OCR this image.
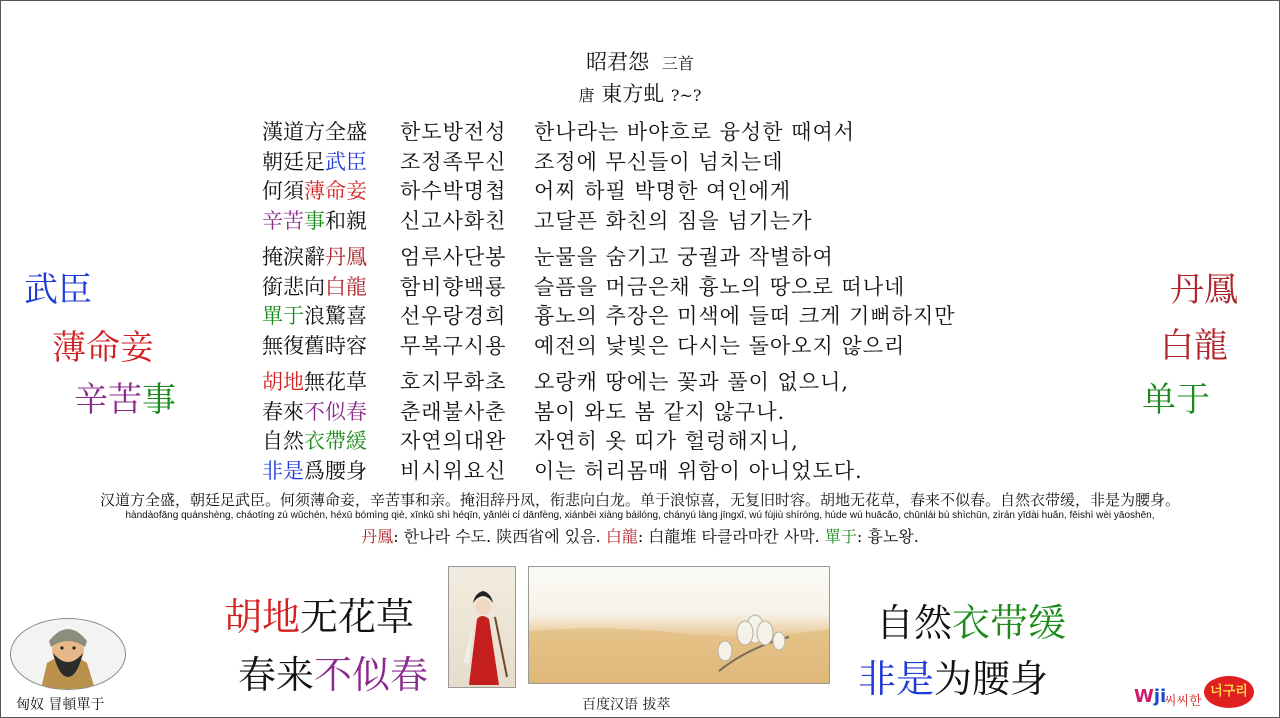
昭君怨 三首
唐 東方虬 ?~?
漢道方全盛 한도방전성 한나라는 바야흐로 융성한 때여서
朝廷足武臣 조정족무신 조정에 무신들이 넘치는데
何須薄命妾 하수박명첩 어찌 하필 박명한 여인에게
辛苦事和親 신고사화친 고달픈 화친의 짐을 넘기는가
掩淚辭丹鳳 엄루사단봉 눈물을 숨기고 궁궐과 작별하여
銜悲向白龍 함비향백룡 슬픔을 머금은채 흉노의 땅으로 떠나네
單于浪驚喜 선우랑경희 흉노의 추장은 미색에 들떠 크게 기뻐하지만
無復舊時容 무복구시용 예전의 낯빛은 다시는 돌아오지 않으리
胡地無花草 호지무화초 오랑캐 땅에는 꽃과 풀이 없으니,
春來不似春 춘래불사춘 봄이 와도 봄 같지 않구나.
自然衣帶緩 자연의대완 자연히 옷 띠가 헐렁해지니,
非是爲腰身 비시위요신 이는 허리몸매 위함이 아니었도다.
武臣
薄命妾
辛苦事
丹鳳
白龍
单于
汉道方全盛，朝廷足武臣。何须薄命妾，辛苦事和亲。掩泪辞丹凤，衔悲向白龙。单于浪惊喜，无复旧时容。胡地无花草，春来不似春。自然衣带缓，非是为腰身。
hàndàofāng quánshèng, cháotíng zú wǔchén, héxū bómìng qiè, xīnkǔ shì héqīn, yǎnlèi cí dānfèng, xiánbēi xiàng báilóng, chányú làng jīngxǐ, wú fùjiù shíróng, húde wú huācǎo, chūnlái bù shìchūn, zìrán yīdài huǎn, fēishì wèi yāoshēn,
丹鳳: 한나라 수도. 陕西省에 있음. 白龍: 白龍堆 타클라마칸 사막. 單于: 흉노왕.
胡地无花草
春来不似春
自然衣带缓
非是为腰身
匈奴 冒頓單于	百度汉语 拔萃	Wji
씨씨한
너구리
